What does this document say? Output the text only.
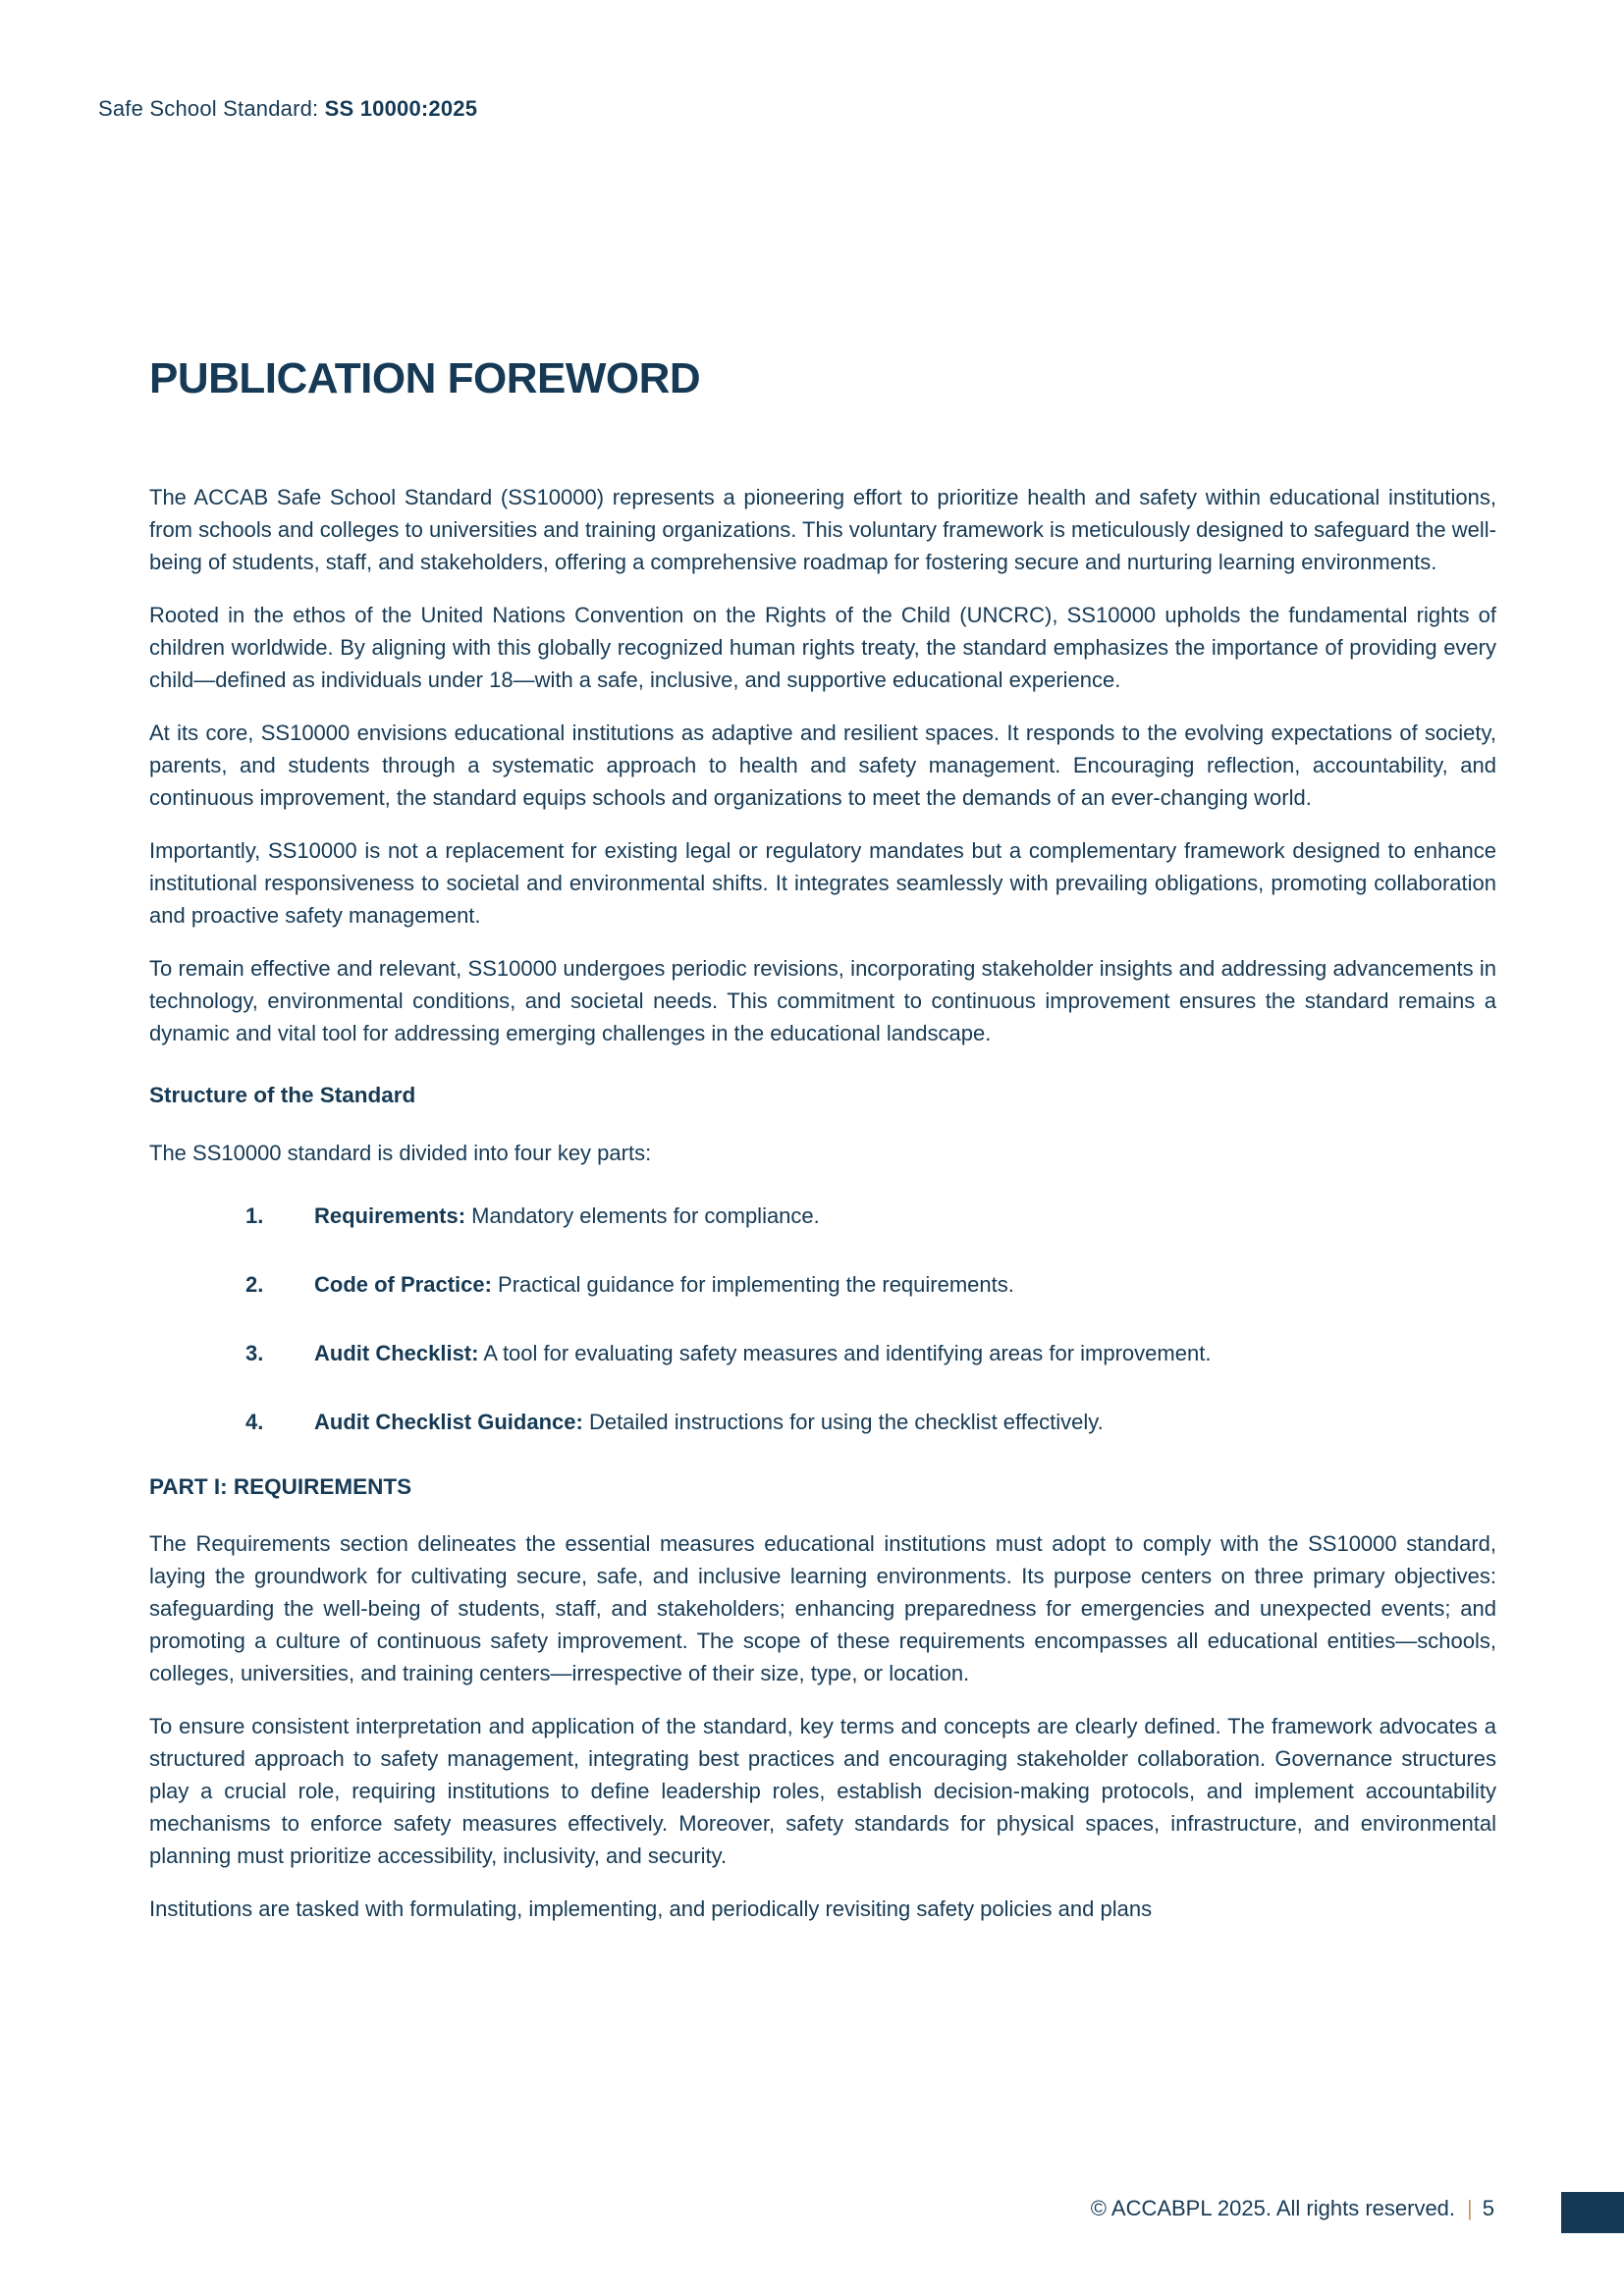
Safe School Standard: SS 10000:2025
PUBLICATION FOREWORD

The ACCAB Safe School Standard (SS10000) represents a pioneering effort to prioritize health and safety within educational institutions, from schools and colleges to universities and training organizations. This voluntary framework is meticulously designed to safeguard the well-being of students, staff, and stakeholders, offering a comprehensive roadmap for fostering secure and nurturing learning environments.

Rooted in the ethos of the United Nations Convention on the Rights of the Child (UNCRC), SS10000 upholds the fundamental rights of children worldwide. By aligning with this globally recognized human rights treaty, the standard emphasizes the importance of providing every child—defined as individuals under 18—with a safe, inclusive, and supportive educational experience.

At its core, SS10000 envisions educational institutions as adaptive and resilient spaces. It responds to the evolving expectations of society, parents, and students through a systematic approach to health and safety management. Encouraging reflection, accountability, and continuous improvement, the standard equips schools and organizations to meet the demands of an ever-changing world.

Importantly, SS10000 is not a replacement for existing legal or regulatory mandates but a complementary framework designed to enhance institutional responsiveness to societal and environmental shifts. It integrates seamlessly with prevailing obligations, promoting collaboration and proactive safety management.

To remain effective and relevant, SS10000 undergoes periodic revisions, incorporating stakeholder insights and addressing advancements in technology, environmental conditions, and societal needs. This commitment to continuous improvement ensures the standard remains a dynamic and vital tool for addressing emerging challenges in the educational landscape.

Structure of the Standard

The SS10000 standard is divided into four key parts:

1.	Requirements: Mandatory elements for compliance.
2.	Code of Practice: Practical guidance for implementing the requirements.
3.	Audit Checklist: A tool for evaluating safety measures and identifying areas for improvement.
4.	Audit Checklist Guidance: Detailed instructions for using the checklist effectively.
PART I: REQUIREMENTS

The Requirements section delineates the essential measures educational institutions must adopt to comply with the SS10000 standard, laying the groundwork for cultivating secure, safe, and inclusive learning environments. Its purpose centers on three primary objectives: safeguarding the well-being of students, staff, and stakeholders; enhancing preparedness for emergencies and unexpected events; and promoting a culture of continuous safety improvement. The scope of these requirements encompasses all educational entities—schools, colleges, universities, and training centers—irrespective of their size, type, or location.

To ensure consistent interpretation and application of the standard, key terms and concepts are clearly defined. The framework advocates a structured approach to safety management, integrating best practices and encouraging stakeholder collaboration. Governance structures play a crucial role, requiring institutions to define leadership roles, establish decision-making protocols, and implement accountability mechanisms to enforce safety measures effectively. Moreover, safety standards for physical spaces, infrastructure, and environmental planning must prioritize accessibility, inclusivity, and security.

Institutions are tasked with formulating, implementing, and periodically revisiting safety policies and plans

© ACCABPL 2025. All rights reserved. | 5
